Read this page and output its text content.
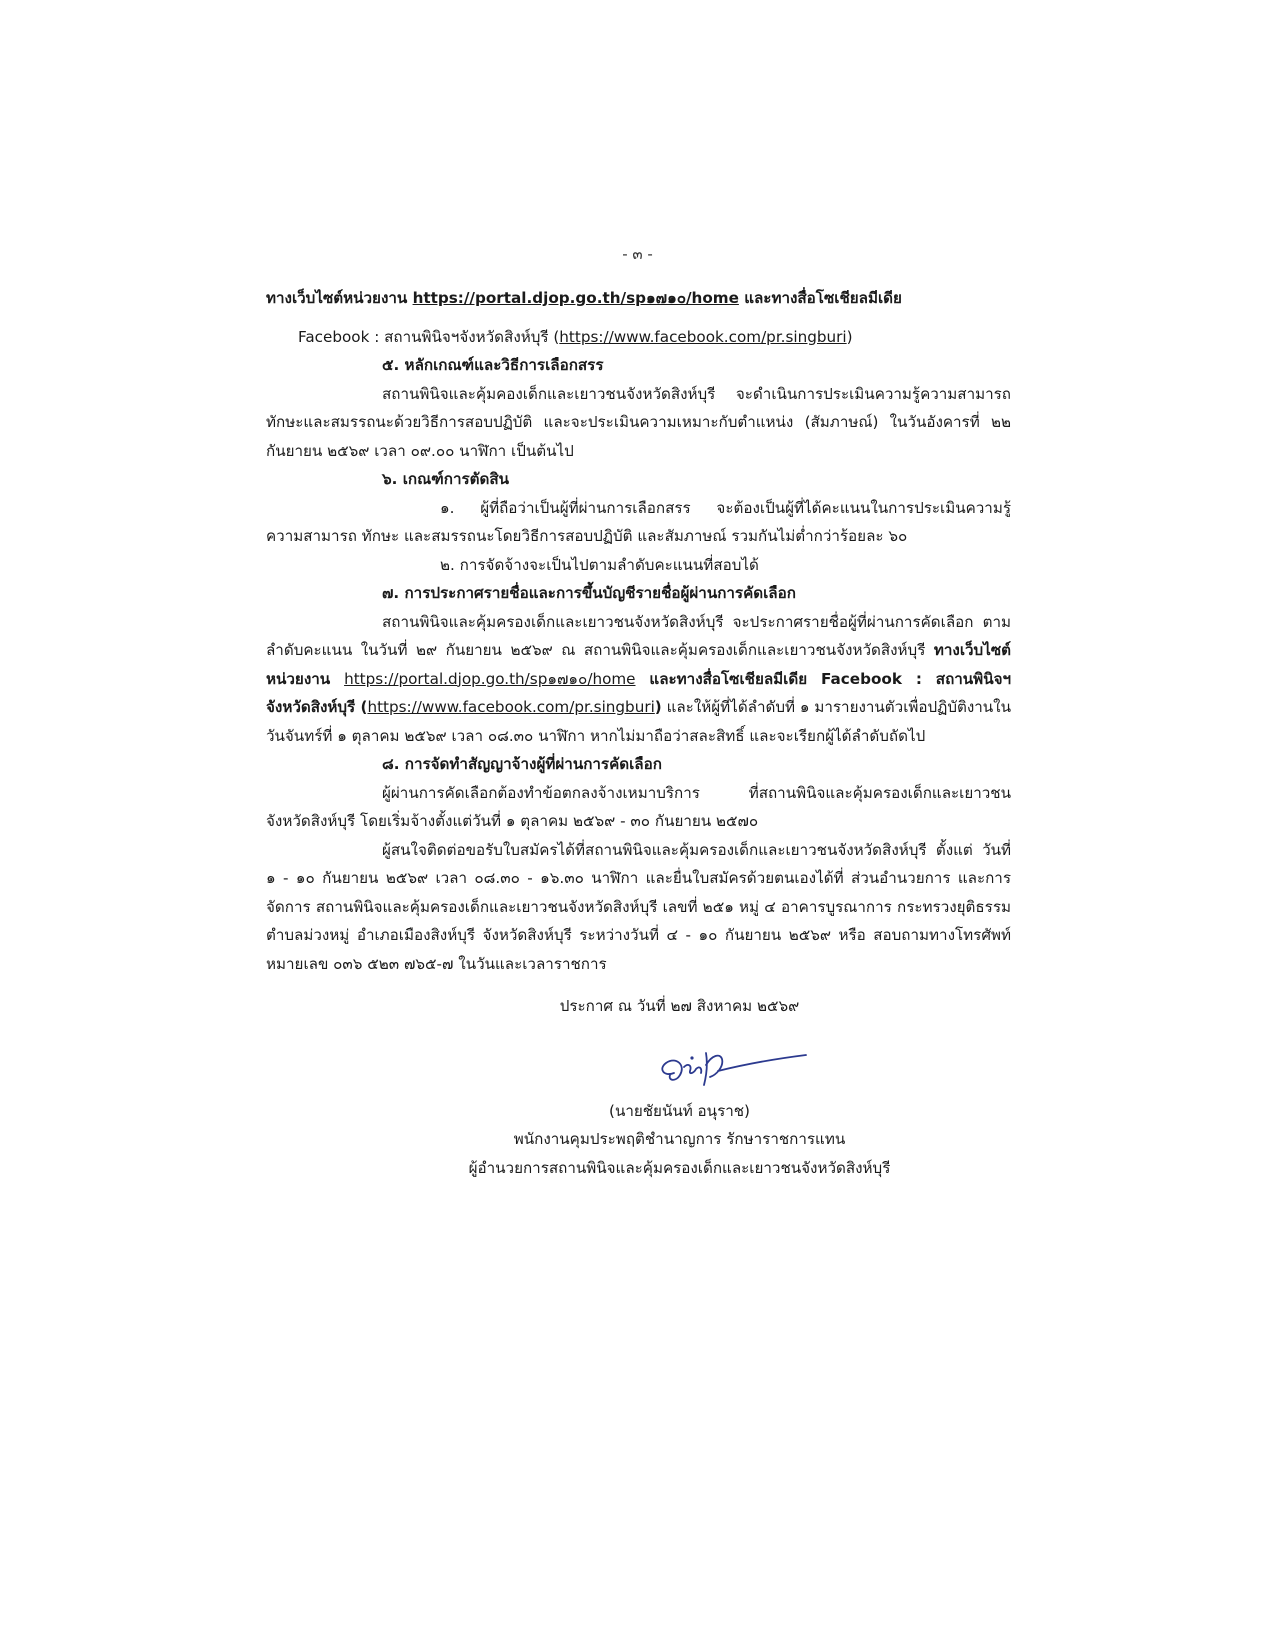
- ๓ -
ทางเว็บไซต์หน่วยงาน https://portal.djop.go.th/sp๑๗๑๐/home และทางสื่อโซเชียลมีเดีย
Facebook : สถานพินิจฯจังหวัดสิงห์บุรี (https://www.facebook.com/pr.singburi)
๕. หลักเกณฑ์และวิธีการเลือกสรร
สถานพินิจและคุ้มคองเด็กและเยาวชนจังหวัดสิงห์บุรี จะดำเนินการประเมินความรู้ความสามารถ ทักษะและสมรรถนะด้วยวิธีการสอบปฏิบัติ และจะประเมินความเหมาะกับตำแหน่ง (สัมภาษณ์) ในวันอังคารที่ ๒๒ กันยายน ๒๕๖๙ เวลา ๐๙.๐๐ นาฬิกา เป็นต้นไป
๖. เกณฑ์การตัดสิน
๑. ผู้ที่ถือว่าเป็นผู้ที่ผ่านการเลือกสรร จะต้องเป็นผู้ที่ได้คะแนนในการประเมินความรู้ ความสามารถ ทักษะ และสมรรถนะโดยวิธีการสอบปฏิบัติ และสัมภาษณ์ รวมกันไม่ต่ำกว่าร้อยละ ๖๐
๒. การจัดจ้างจะเป็นไปตามลำดับคะแนนที่สอบได้
๗. การประกาศรายชื่อและการขึ้นบัญชีรายชื่อผู้ผ่านการคัดเลือก
สถานพินิจและคุ้มครองเด็กและเยาวชนจังหวัดสิงห์บุรี จะประกาศรายชื่อผู้ที่ผ่านการคัดเลือก ตามลำดับคะแนน ในวันที่ ๒๙ กันยายน ๒๕๖๙ ณ สถานพินิจและคุ้มครองเด็กและเยาวชนจังหวัดสิงห์บุรี ทางเว็บไซต์หน่วยงาน https://portal.djop.go.th/sp๑๗๑๐/home และทางสื่อโซเชียลมีเดีย Facebook : สถานพินิจฯจังหวัดสิงห์บุรี (https://www.facebook.com/pr.singburi) และให้ผู้ที่ได้ลำดับที่ ๑ มารายงานตัวเพื่อปฏิบัติงานในวันจันทร์ที่ ๑ ตุลาคม ๒๕๖๙ เวลา ๐๘.๓๐ นาฬิกา หากไม่มาถือว่าสละสิทธิ์ และจะเรียกผู้ได้ลำดับถัดไป
๘. การจัดทำสัญญาจ้างผู้ที่ผ่านการคัดเลือก
ผู้ผ่านการคัดเลือกต้องทำข้อตกลงจ้างเหมาบริการ ที่สถานพินิจและคุ้มครองเด็กและเยาวชน จังหวัดสิงห์บุรี โดยเริ่มจ้างตั้งแต่วันที่ ๑ ตุลาคม ๒๕๖๙ - ๓๐ กันยายน ๒๕๗๐
ผู้สนใจติดต่อขอรับใบสมัครได้ที่สถานพินิจและคุ้มครองเด็กและเยาวชนจังหวัดสิงห์บุรี ตั้งแต่ วันที่ ๑ - ๑๐ กันยายน ๒๕๖๙ เวลา ๐๘.๓๐ - ๑๖.๓๐ นาฬิกา และยื่นใบสมัครด้วยตนเองได้ที่ ส่วนอำนวยการ และการจัดการ สถานพินิจและคุ้มครองเด็กและเยาวชนจังหวัดสิงห์บุรี เลขที่ ๒๕๑ หมู่ ๔ อาคารบูรณาการ กระทรวงยุติธรรม ตำบลม่วงหมู่ อำเภอเมืองสิงห์บุรี จังหวัดสิงห์บุรี ระหว่างวันที่ ๔ - ๑๐ กันยายน ๒๕๖๙ หรือ สอบถามทางโทรศัพท์หมายเลข ๐๓๖ ๕๒๓ ๗๖๕-๗ ในวันและเวลาราชการ
ประกาศ ณ วันที่ ๒๗ สิงหาคม ๒๕๖๙
(นายชัยนันท์ อนุราช)
พนักงานคุมประพฤติชำนาญการ รักษาราชการแทน
ผู้อำนวยการสถานพินิจและคุ้มครองเด็กและเยาวชนจังหวัดสิงห์บุรี
